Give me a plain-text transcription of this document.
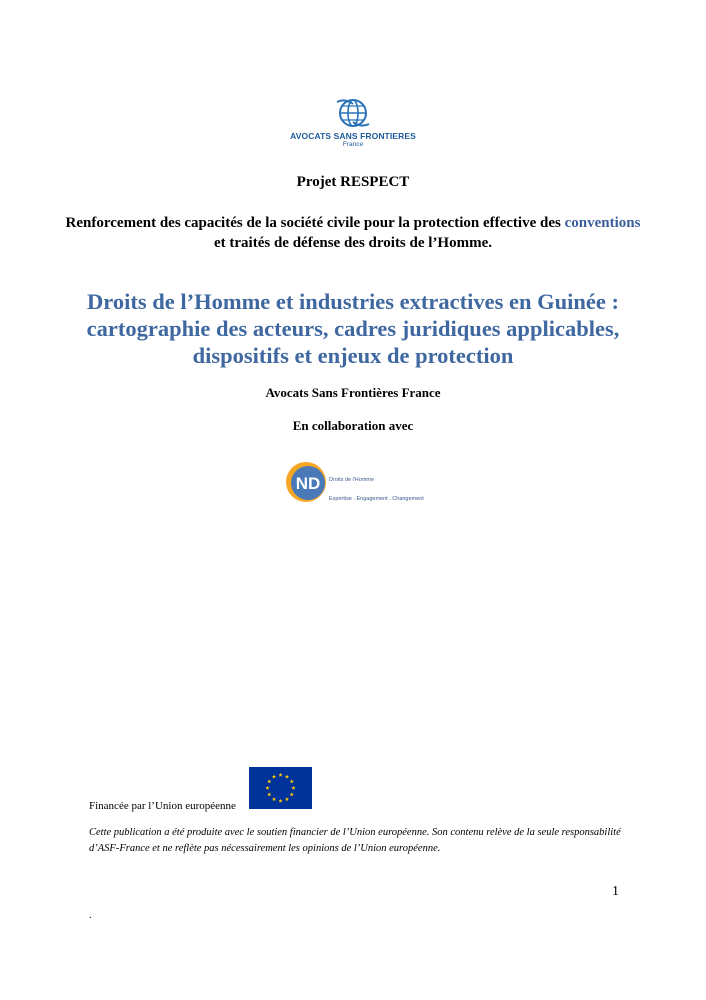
AVOCATS SANS FRONTIERES
France
Projet RESPECT
Renforcement des capacités de la société civile pour la protection effective des conventions et traités de défense des droits de l’Homme.
Droits de l’Homme et industries extractives en Guinée : cartographie des acteurs, cadres juridiques applicables, dispositifs et enjeux de protection
Avocats Sans Frontières France
En collaboration avec
ND Droits de l'Homme
Expertise . Engagement . Changement
Financée par l’Union européenne
Cette publication a été produite avec le soutien financier de l’Union européenne. Son contenu relève de la seule responsabilité d’ASF-France et ne reflète pas nécessairement les opinions de l’Union européenne.
1
.
